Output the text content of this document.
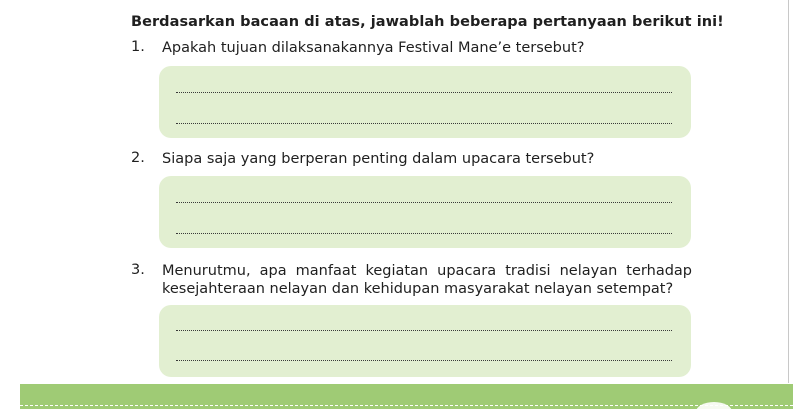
Berdasarkan bacaan di atas, jawablah beberapa pertanyaan berikut ini!
1. Apakah tujuan dilaksanakannya Festival Mane’e tersebut?
2. Siapa saja yang berperan penting dalam upacara tersebut?
3. Menurutmu, apa manfaat kegiatan upacara tradisi nelayan terhadap kesejahteraan nelayan dan kehidupan masyarakat nelayan setempat?
